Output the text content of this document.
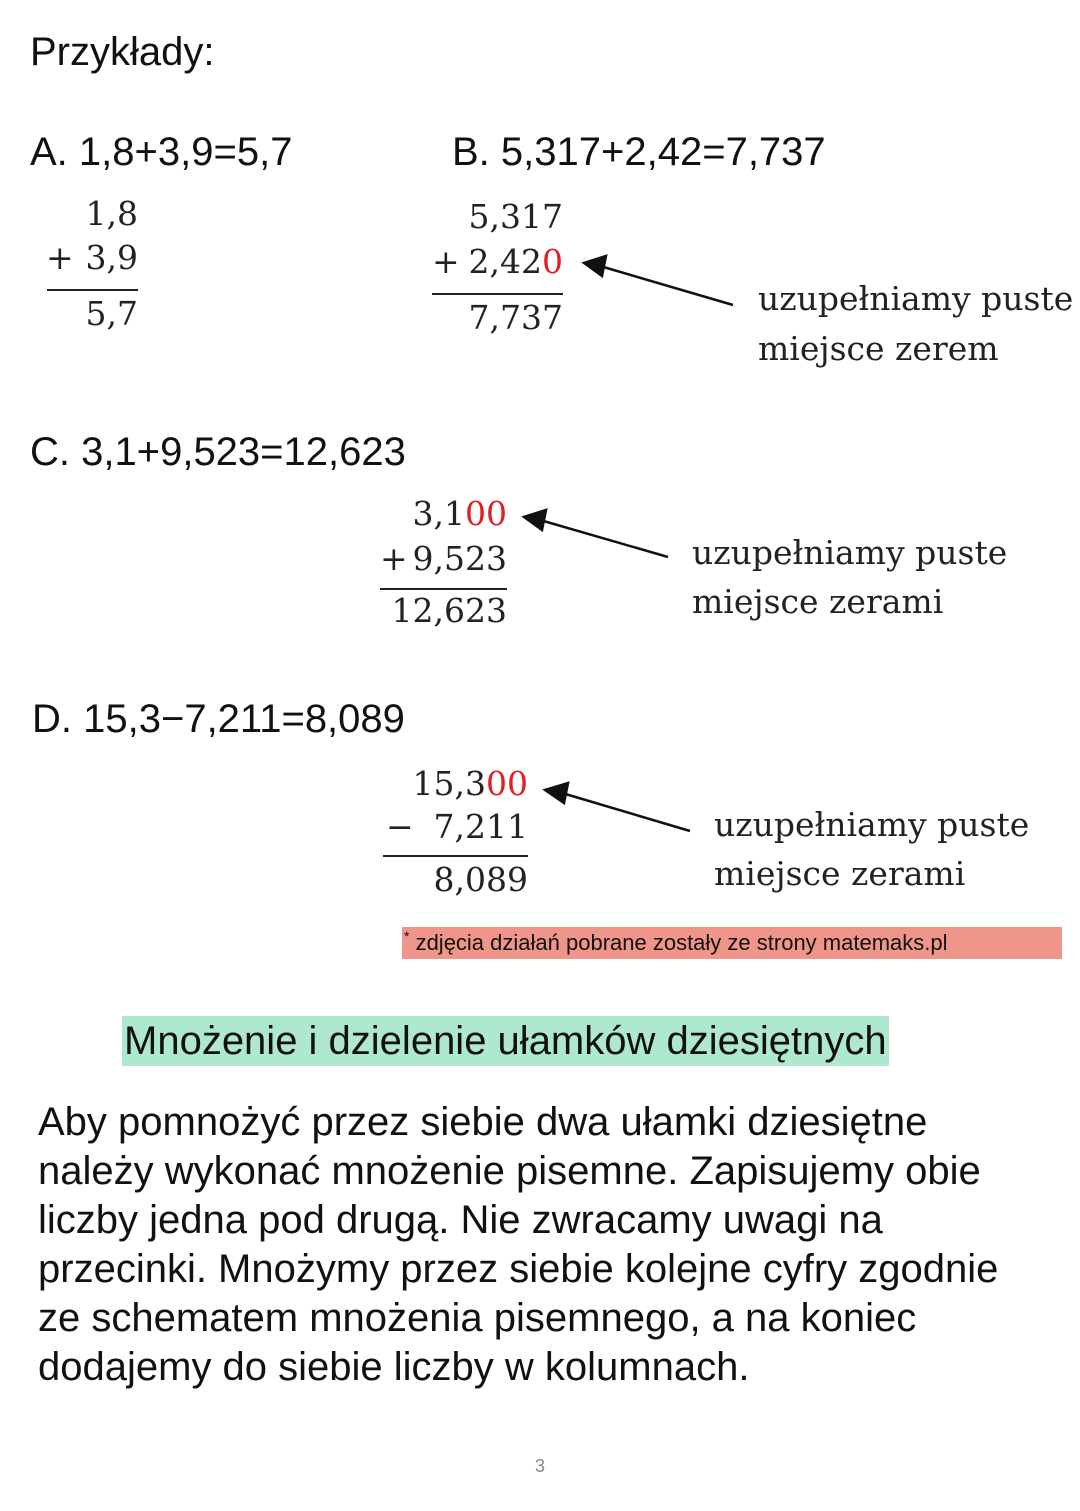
Przykłady:
A. 1,8+3,9=5,7
1,8
+ 3,9
5,7
B. 5,317+2,42=7,737
5,317
+ 2,420
7,737	uzupełniamy puste
miejsce zerem
C. 3,1+9,523=12,623
3,100
+ 9,523
12,623
uzupełniamy puste
miejsce zerami
D. 15,3−7,211=8,089
15,300
− 7,211
8,089
uzupełniamy puste
miejsce zerami
* zdjęcia działań pobrane zostały ze strony matemaks.pl
Mnożenie i dzielenie ułamków dziesiętnych
Aby pomnożyć przez siebie dwa ułamki dziesiętne należy wykonać mnożenie pisemne. Zapisujemy obie liczby jedna pod drugą. Nie zwracamy uwagi na przecinki. Mnożymy przez siebie kolejne cyfry zgodnie ze schematem mnożenia pisemnego, a na koniec dodajemy do siebie liczby w kolumnach.
3
